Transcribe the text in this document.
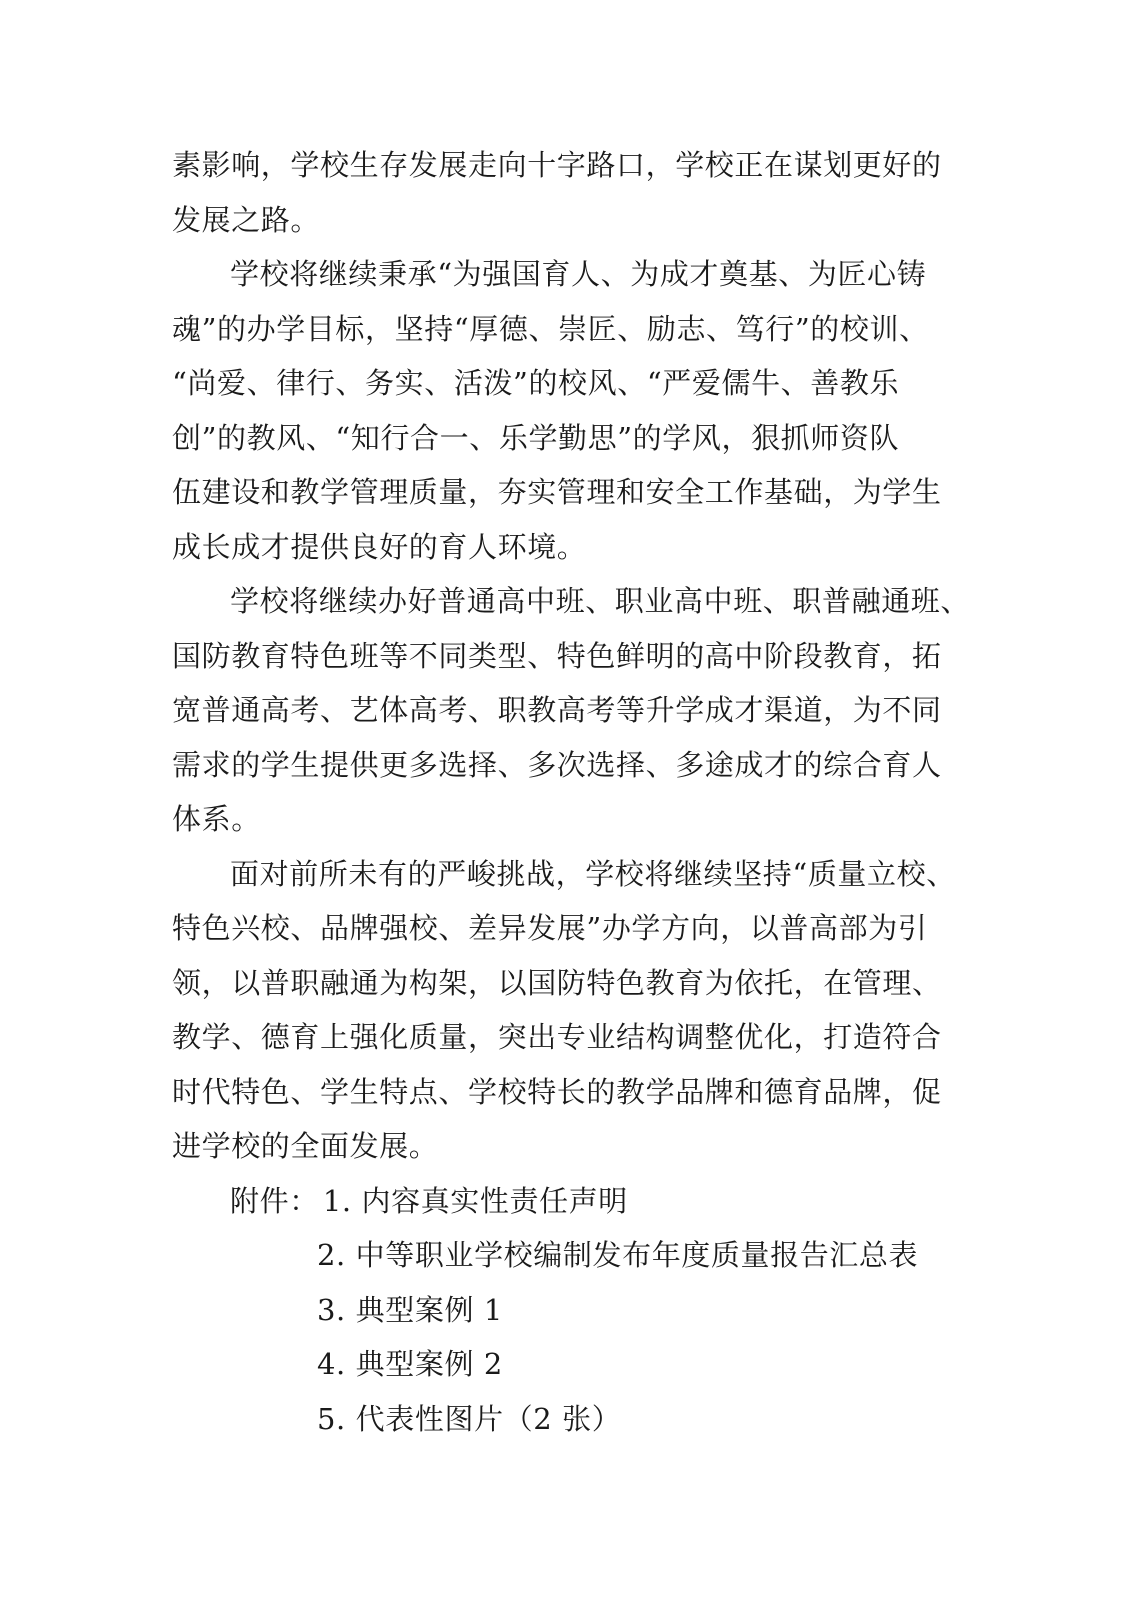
素影响，学校生存发展走向十字路口，学校正在谋划更好的
发展之路。
学校将继续秉承“为强国育人、为成才奠基、为匠心铸
魂”的办学目标，坚持“厚德、崇匠、励志、笃行”的校训、
“尚爱、律行、务实、活泼”的校风、“严爱儒牛、善教乐
创”的教风、“知行合一、乐学勤思”的学风，狠抓师资队
伍建设和教学管理质量，夯实管理和安全工作基础，为学生
成长成才提供良好的育人环境。
学校将继续办好普通高中班、职业高中班、职普融通班、
国防教育特色班等不同类型、特色鲜明的高中阶段教育，拓
宽普通高考、艺体高考、职教高考等升学成才渠道，为不同
需求的学生提供更多选择、多次选择、多途成才的综合育人
体系。
面对前所未有的严峻挑战，学校将继续坚持“质量立校、
特色兴校、品牌强校、差异发展”办学方向，以普高部为引
领，以普职融通为构架，以国防特色教育为依托，在管理、
教学、德育上强化质量，突出专业结构调整优化，打造符合
时代特色、学生特点、学校特长的教学品牌和德育品牌，促
进学校的全面发展。
附件： 1. 内容真实性责任声明
2. 中等职业学校编制发布年度质量报告汇总表
3. 典型案例 1
4. 典型案例 2
5. 代表性图片（2 张）
